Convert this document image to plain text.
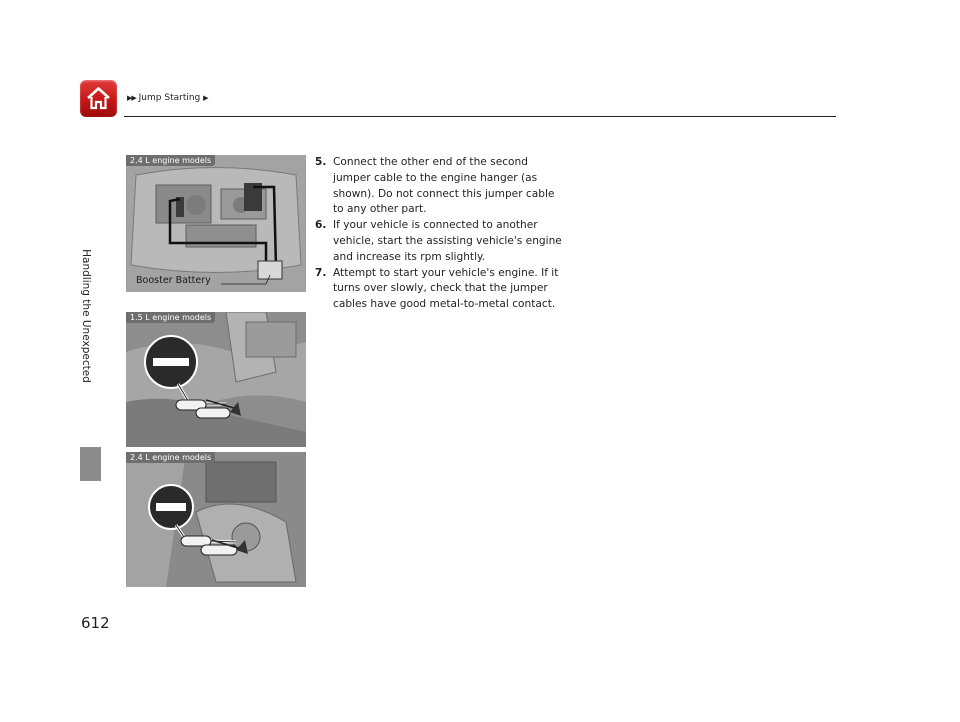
▶▶ Jump Starting ▶
Handling the Unexpected
612
2.4 L engine models
Booster Battery
1.5 L engine models
2.4 L engine models
5. Connect the other end of the second jumper cable to the engine hanger (as shown). Do not connect this jumper cable to any other part.
6. If your vehicle is connected to another vehicle, start the assisting vehicle's engine and increase its rpm slightly.
7. Attempt to start your vehicle's engine. If it turns over slowly, check that the jumper cables have good metal-to-metal contact.
